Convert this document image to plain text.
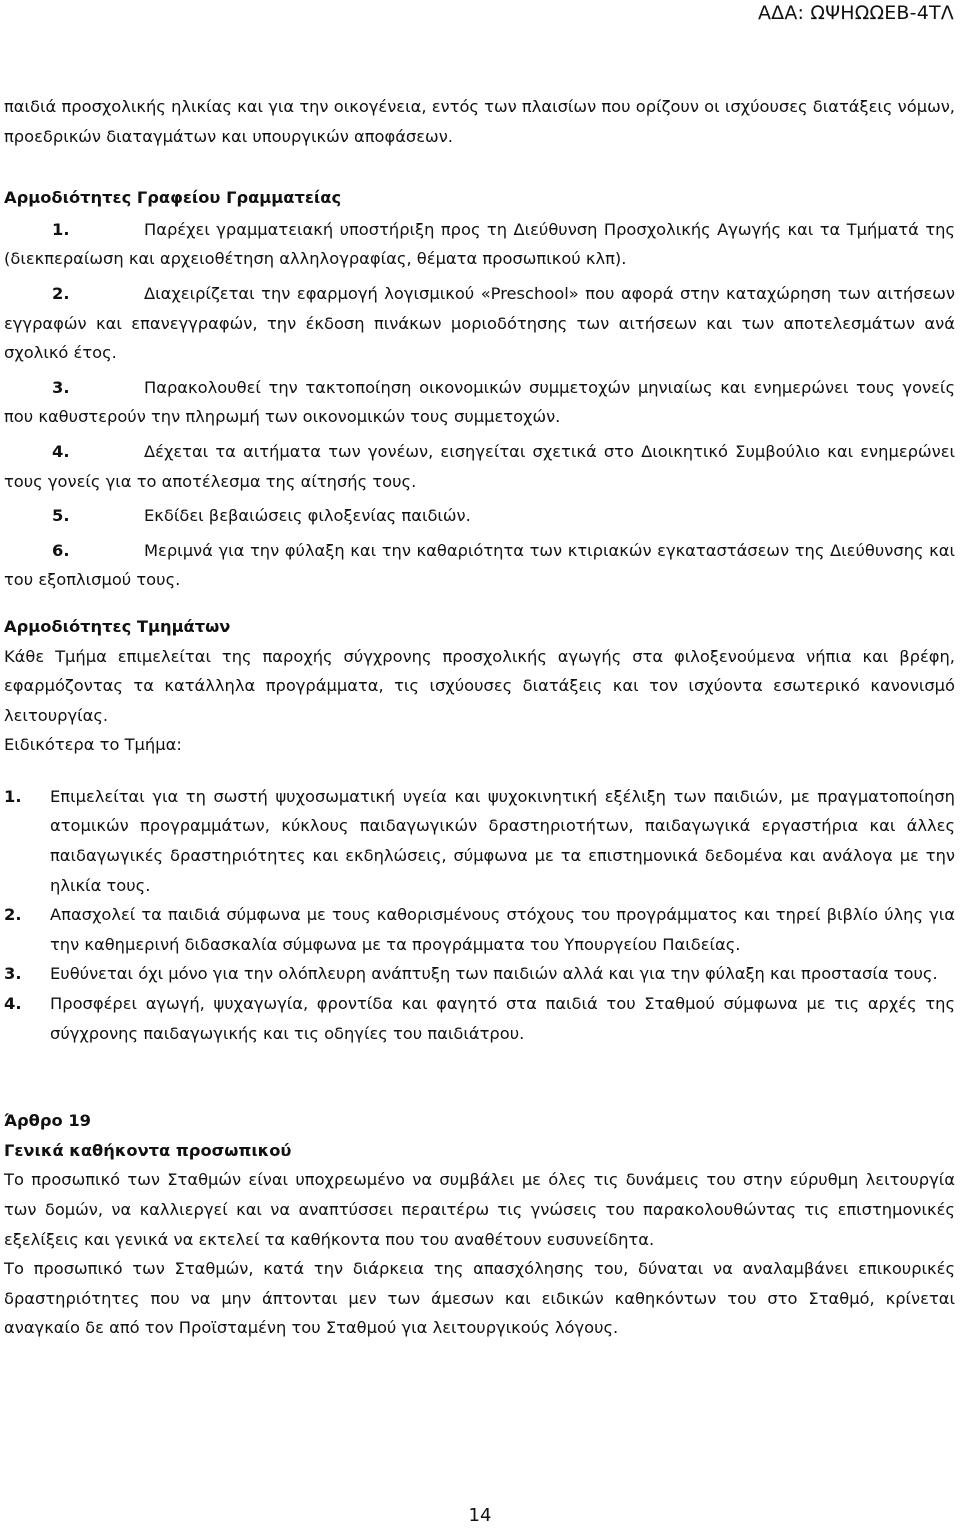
ΑΔΑ: ΩΨΗΩΩΕΒ-4ΤΛ

παιδιά προσχολικής ηλικίας και για την οικογένεια, εντός των πλαισίων που ορίζουν οι ισχύουσες διατάξεις νόμων, προεδρικών διαταγμάτων και υπουργικών αποφάσεων.

Αρμοδιότητες Γραφείου Γραμματείας

1.	Παρέχει γραμματειακή υποστήριξη προς τη Διεύθυνση Προσχολικής Αγωγής και τα Τμήματά της (διεκπεραίωση και αρχειοθέτηση αλληλογραφίας, θέματα προσωπικού κλπ).
2.	Διαχειρίζεται την εφαρμογή λογισμικού «Preschool» που αφορά στην καταχώρηση των αιτήσεων εγγραφών και επανεγγραφών, την έκδοση πινάκων μοριοδότησης των αιτήσεων και των αποτελεσμάτων ανά σχολικό έτος.
3.	Παρακολουθεί την τακτοποίηση οικονομικών συμμετοχών μηνιαίως και ενημερώνει τους γονείς που καθυστερούν την πληρωμή των οικονομικών τους συμμετοχών.
4.	Δέχεται τα αιτήματα των γονέων, εισηγείται σχετικά στο Διοικητικό Συμβούλιο και ενημερώνει τους γονείς για το αποτέλεσμα της αίτησής τους.
5.	Εκδίδει βεβαιώσεις φιλοξενίας παιδιών.
6.	Μεριμνά για την φύλαξη και την καθαριότητα των κτιριακών εγκαταστάσεων της Διεύθυνσης και του εξοπλισμού τους.

Αρμοδιότητες Τμημάτων

Κάθε Τμήμα επιμελείται της παροχής σύγχρονης προσχολικής αγωγής στα φιλοξενούμενα νήπια και βρέφη, εφαρμόζοντας τα κατάλληλα προγράμματα, τις ισχύουσες διατάξεις και τον ισχύοντα εσωτερικό κανονισμό λειτουργίας.

Ειδικότερα το Τμήμα:

1. Επιμελείται για τη σωστή ψυχοσωματική υγεία και ψυχοκινητική εξέλιξη των παιδιών, με πραγματοποίηση ατομικών προγραμμάτων, κύκλους παιδαγωγικών δραστηριοτήτων, παιδαγωγικά εργαστήρια και άλλες παιδαγωγικές δραστηριότητες και εκδηλώσεις, σύμφωνα με τα επιστημονικά δεδομένα και ανάλογα με την ηλικία τους.
2. Απασχολεί τα παιδιά σύμφωνα με τους καθορισμένους στόχους του προγράμματος και τηρεί βιβλίο ύλης για την καθημερινή διδασκαλία σύμφωνα με τα προγράμματα του Υπουργείου Παιδείας.
3. Ευθύνεται όχι μόνο για την ολόπλευρη ανάπτυξη των παιδιών αλλά και για την φύλαξη και προστασία τους.
4. Προσφέρει αγωγή, ψυχαγωγία, φροντίδα και φαγητό στα παιδιά του Σταθμού σύμφωνα με τις αρχές της σύγχρονης παιδαγωγικής και τις οδηγίες του παιδιάτρου.

Άρθρο 19

Γενικά καθήκοντα προσωπικού

Το προσωπικό των Σταθμών είναι υποχρεωμένο να συμβάλει με όλες τις δυνάμεις του στην εύρυθμη λειτουργία των δομών, να καλλιεργεί και να αναπτύσσει περαιτέρω τις γνώσεις του παρακολουθώντας τις επιστημονικές εξελίξεις και γενικά να εκτελεί τα καθήκοντα που του αναθέτουν ευσυνείδητα.

Το προσωπικό των Σταθμών, κατά την διάρκεια της απασχόλησης του, δύναται να αναλαμβάνει επικουρικές δραστηριότητες που να μην άπτονται μεν των άμεσων και ειδικών καθηκόντων του στο Σταθμό, κρίνεται αναγκαίο δε από τον Προϊσταμένη του Σταθμού για λειτουργικούς λόγους.

14
